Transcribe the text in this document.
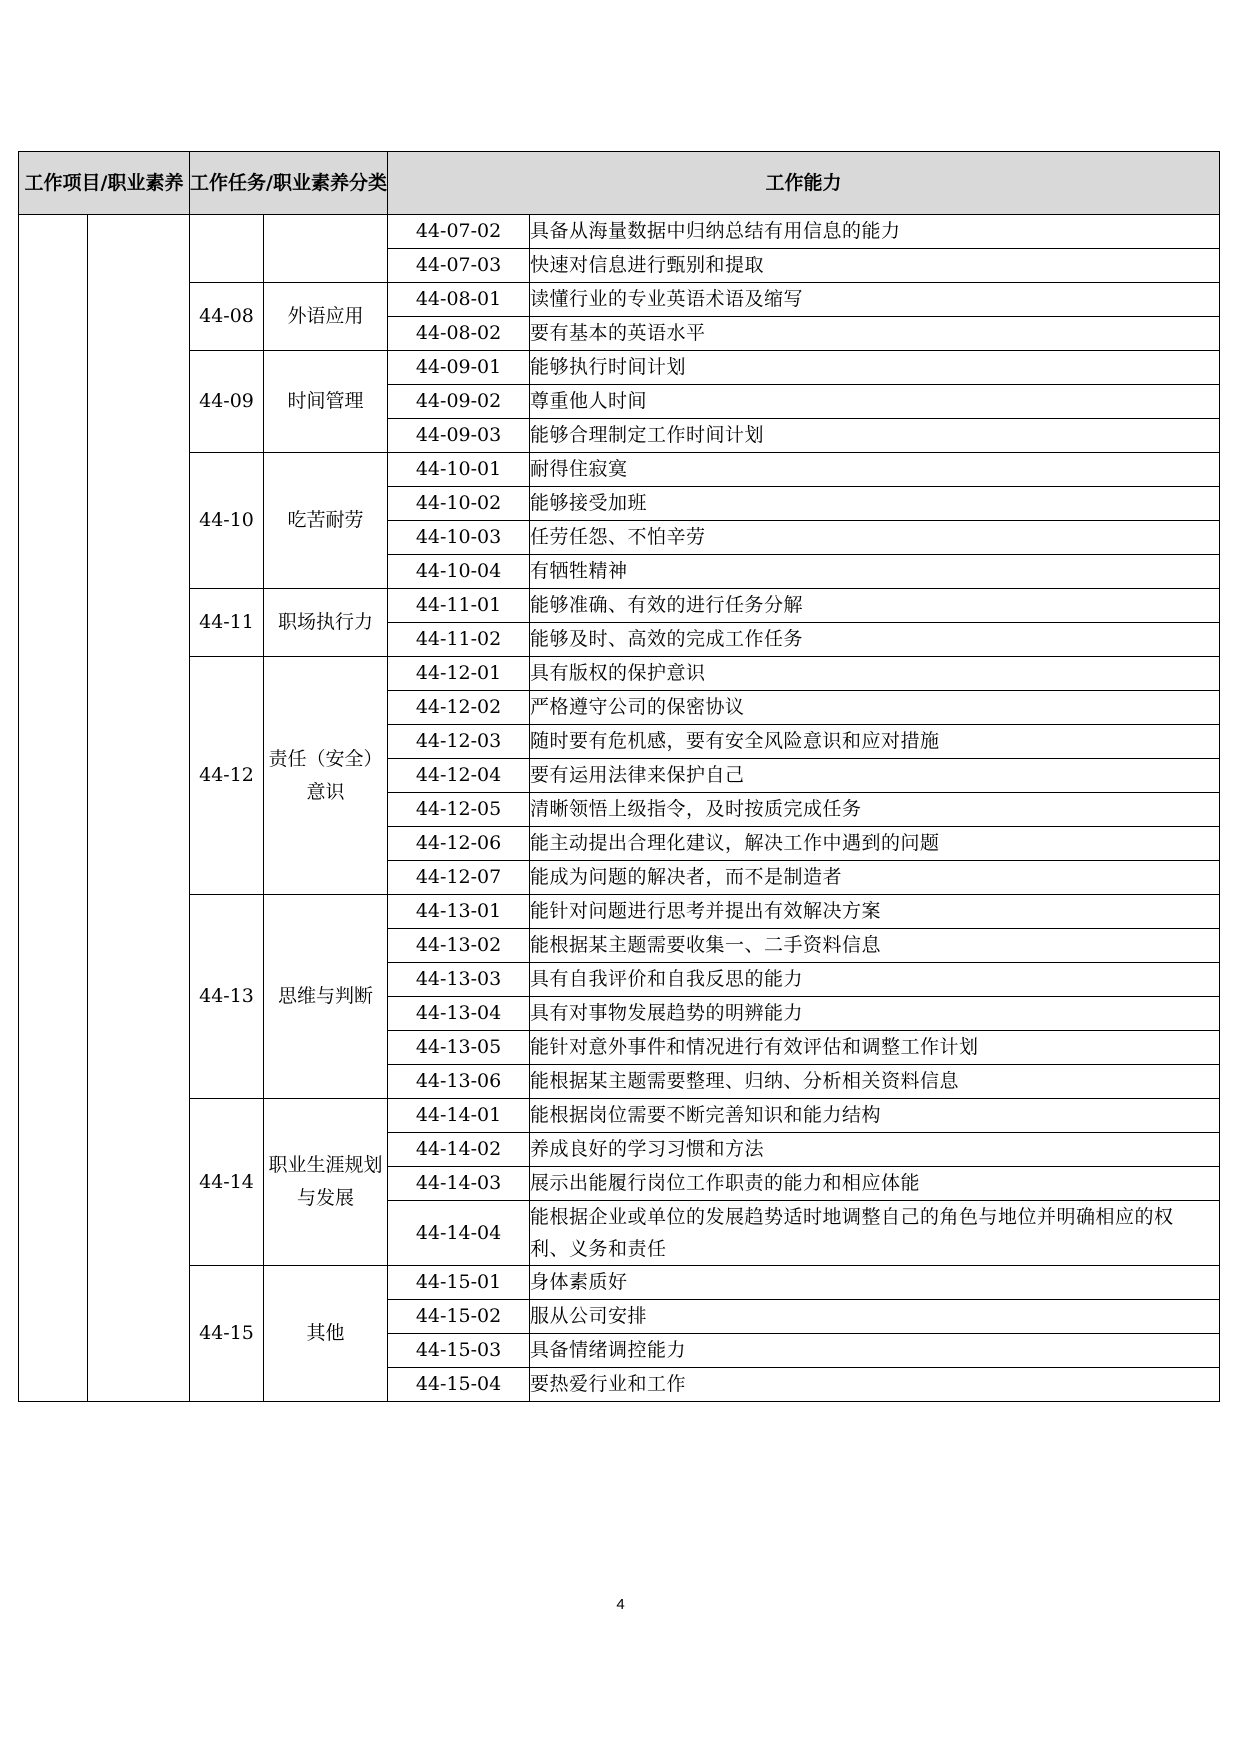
工作项目/职业素养		工作任务/职业素养分类		工作能力	
				44-07-02	具备从海量数据中归纳总结有用信息的能力
				44-07-03	快速对信息进行甄别和提取
		44-08	外语应用	44-08-01	读懂行业的专业英语术语及缩写
				44-08-02	要有基本的英语水平
		44-09	时间管理	44-09-01	能够执行时间计划
				44-09-02	尊重他人时间
				44-09-03	能够合理制定工作时间计划
		44-10	吃苦耐劳	44-10-01	耐得住寂寞
				44-10-02	能够接受加班
				44-10-03	任劳任怨、不怕辛劳
				44-10-04	有牺牲精神
		44-11	职场执行力	44-11-01	能够准确、有效的进行任务分解
				44-11-02	能够及时、高效的完成工作任务
		44-12	责任（安全）意识	44-12-01	具有版权的保护意识
				44-12-02	严格遵守公司的保密协议
				44-12-03	随时要有危机感，要有安全风险意识和应对措施
				44-12-04	要有运用法律来保护自己
				44-12-05	清晰领悟上级指令，及时按质完成任务
				44-12-06	能主动提出合理化建议，解决工作中遇到的问题
				44-12-07	能成为问题的解决者，而不是制造者
		44-13	思维与判断	44-13-01	能针对问题进行思考并提出有效解决方案
				44-13-02	能根据某主题需要收集一、二手资料信息
				44-13-03	具有自我评价和自我反思的能力
				44-13-04	具有对事物发展趋势的明辨能力
				44-13-05	能针对意外事件和情况进行有效评估和调整工作计划
				44-13-06	能根据某主题需要整理、归纳、分析相关资料信息
		44-14	职业生涯规划与发展	44-14-01	能根据岗位需要不断完善知识和能力结构
				44-14-02	养成良好的学习习惯和方法
				44-14-03	展示出能履行岗位工作职责的能力和相应体能
				44-14-04	能根据企业或单位的发展趋势适时地调整自己的角色与地位并明确相应的权利、义务和责任
		44-15	其他	44-15-01	身体素质好
				44-15-02	服从公司安排
				44-15-03	具备情绪调控能力
				44-15-04	要热爱行业和工作
4
